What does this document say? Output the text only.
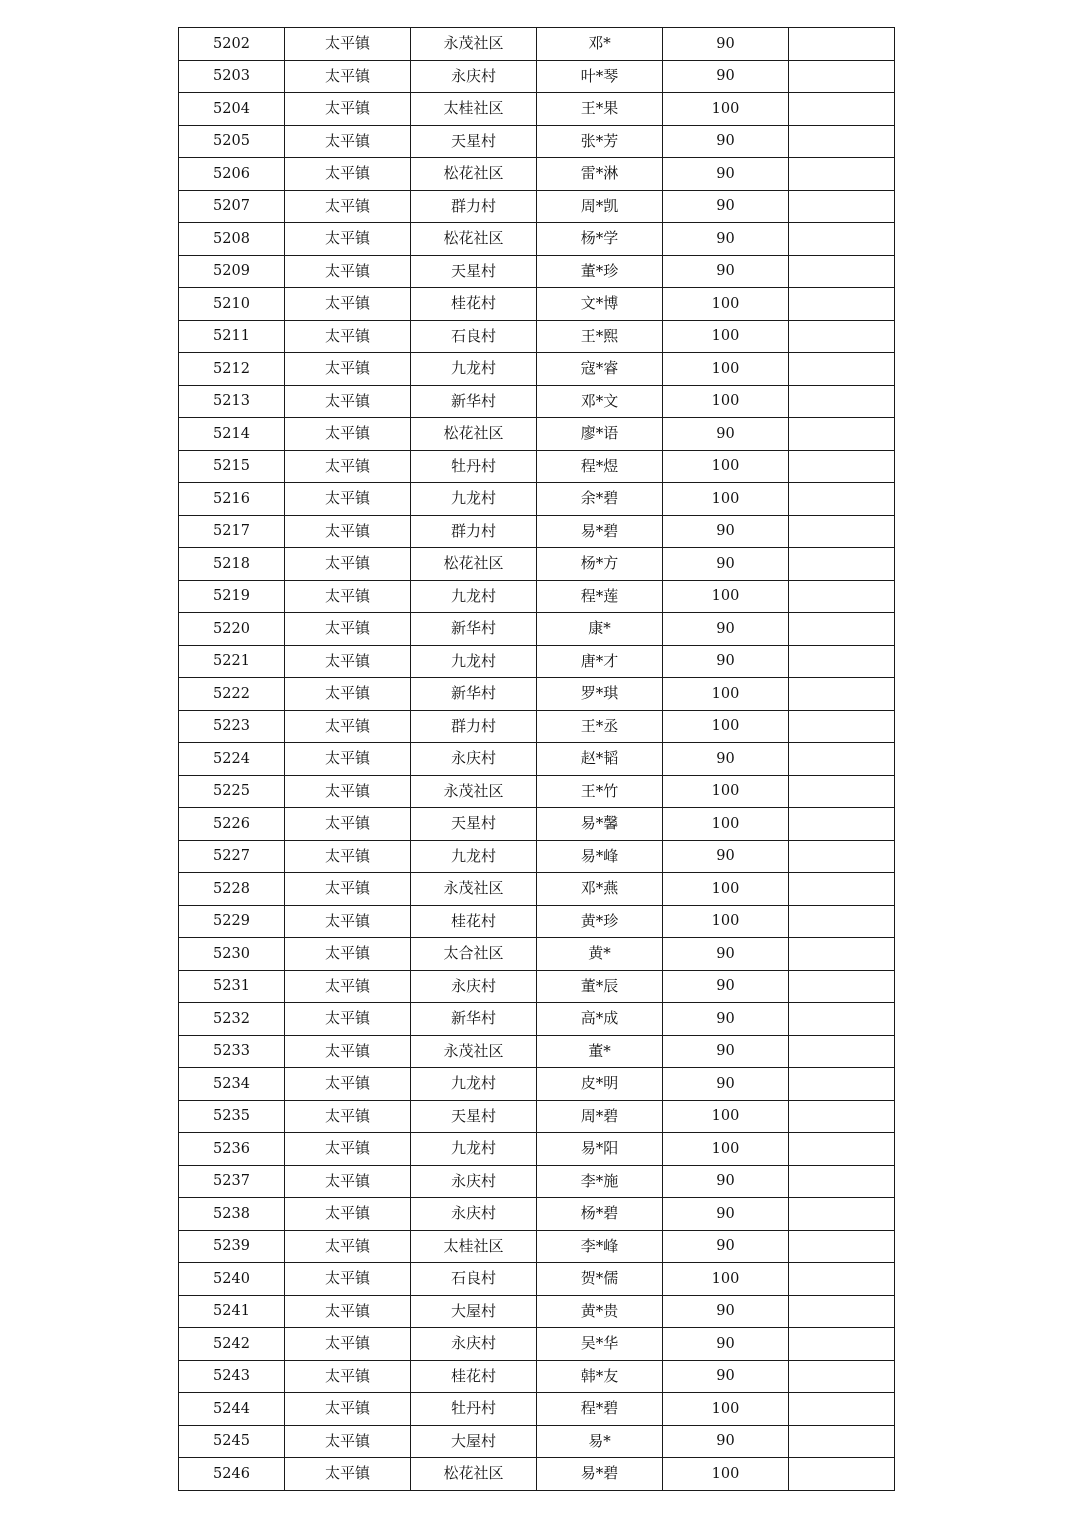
5202	太平镇	永茂社区	邓*	90	
5203	太平镇	永庆村	叶*琴	90	
5204	太平镇	太桂社区	王*果	100	
5205	太平镇	天星村	张*芳	90	
5206	太平镇	松花社区	雷*淋	90	
5207	太平镇	群力村	周*凯	90	
5208	太平镇	松花社区	杨*学	90	
5209	太平镇	天星村	董*珍	90	
5210	太平镇	桂花村	文*博	100	
5211	太平镇	石良村	王*熙	100	
5212	太平镇	九龙村	寇*睿	100	
5213	太平镇	新华村	邓*文	100	
5214	太平镇	松花社区	廖*语	90	
5215	太平镇	牡丹村	程*煜	100	
5216	太平镇	九龙村	余*碧	100	
5217	太平镇	群力村	易*碧	90	
5218	太平镇	松花社区	杨*方	90	
5219	太平镇	九龙村	程*莲	100	
5220	太平镇	新华村	康*	90	
5221	太平镇	九龙村	唐*才	90	
5222	太平镇	新华村	罗*琪	100	
5223	太平镇	群力村	王*丞	100	
5224	太平镇	永庆村	赵*韬	90	
5225	太平镇	永茂社区	王*竹	100	
5226	太平镇	天星村	易*馨	100	
5227	太平镇	九龙村	易*峰	90	
5228	太平镇	永茂社区	邓*燕	100	
5229	太平镇	桂花村	黄*珍	100	
5230	太平镇	太合社区	黄*	90	
5231	太平镇	永庆村	董*辰	90	
5232	太平镇	新华村	高*成	90	
5233	太平镇	永茂社区	董*	90	
5234	太平镇	九龙村	皮*明	90	
5235	太平镇	天星村	周*碧	100	
5236	太平镇	九龙村	易*阳	100	
5237	太平镇	永庆村	李*施	90	
5238	太平镇	永庆村	杨*碧	90	
5239	太平镇	太桂社区	李*峰	90	
5240	太平镇	石良村	贺*儒	100	
5241	太平镇	大屋村	黄*贵	90	
5242	太平镇	永庆村	吴*华	90	
5243	太平镇	桂花村	韩*友	90	
5244	太平镇	牡丹村	程*碧	100	
5245	太平镇	大屋村	易*	90	
5246	太平镇	松花社区	易*碧	100	
